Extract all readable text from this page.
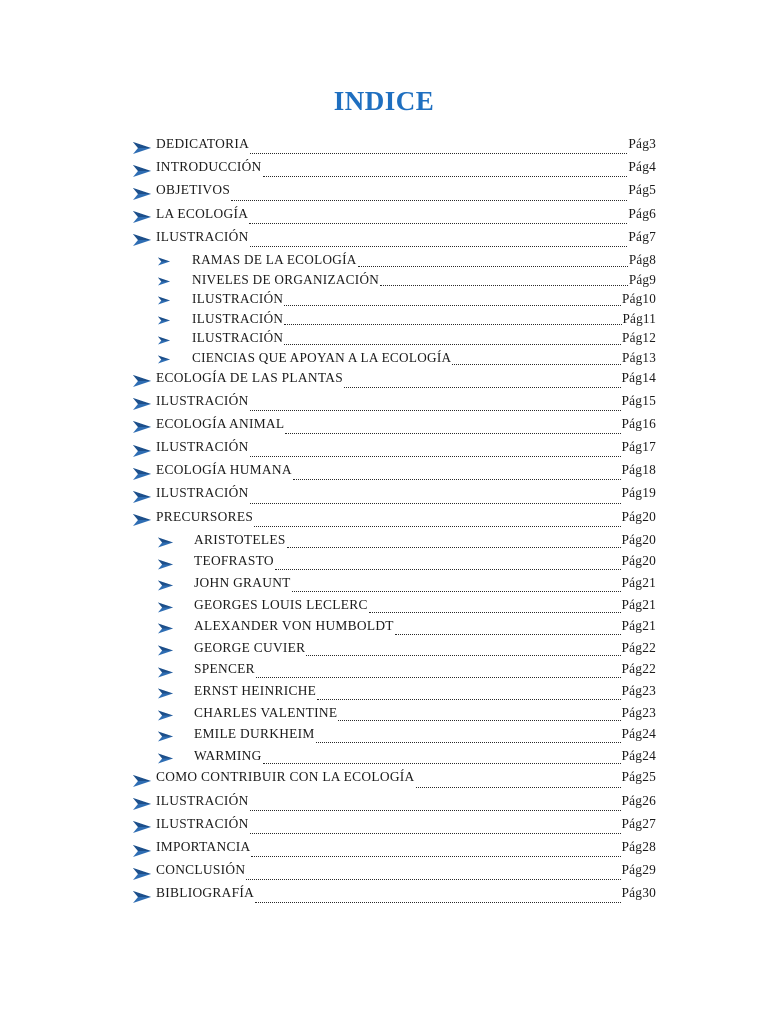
INDICE
DEDICATORIA	Pág3
INTRODUCCIÓN	Pág4
OBJETIVOS	Pág5
LA ECOLOGÍA	Pág6
ILUSTRACIÓN	Pág7
RAMAS DE LA ECOLOGÍA	Pág8
NIVELES DE ORGANIZACIÓN	Pág9
ILUSTRACIÓN	Pág10
ILUSTRACIÓN	Pág11
ILUSTRACIÓN	Pág12
CIENCIAS QUE APOYAN A LA ECOLOGÍA	Pág13
ECOLOGÍA DE LAS PLANTAS	Pág14
ILUSTRACIÓN	Pág15
ECOLOGÍA ANIMAL	Pág16
ILUSTRACIÓN	Pág17
ECOLOGÍA HUMANA	Pág18
ILUSTRACIÓN	Pág19
PRECURSORES	Pág20
ARISTOTELES	Pág20
TEOFRASTO	Pág20
JOHN GRAUNT	Pág21
GEORGES LOUIS LECLERC	Pág21
ALEXANDER VON HUMBOLDT	Pág21
GEORGE CUVIER	Pág22
SPENCER	Pág22
ERNST HEINRICHE	Pág23
CHARLES VALENTINE	Pág23
EMILE DURKHEIM	Pág24
WARMING	Pág24
COMO CONTRIBUIR CON LA ECOLOGÍA	Pág25
ILUSTRACIÓN	Pág26
ILUSTRACIÓN	Pág27
IMPORTANCIA	Pág28
CONCLUSIÓN	Pág29
BIBLIOGRAFÍA	Pág30
